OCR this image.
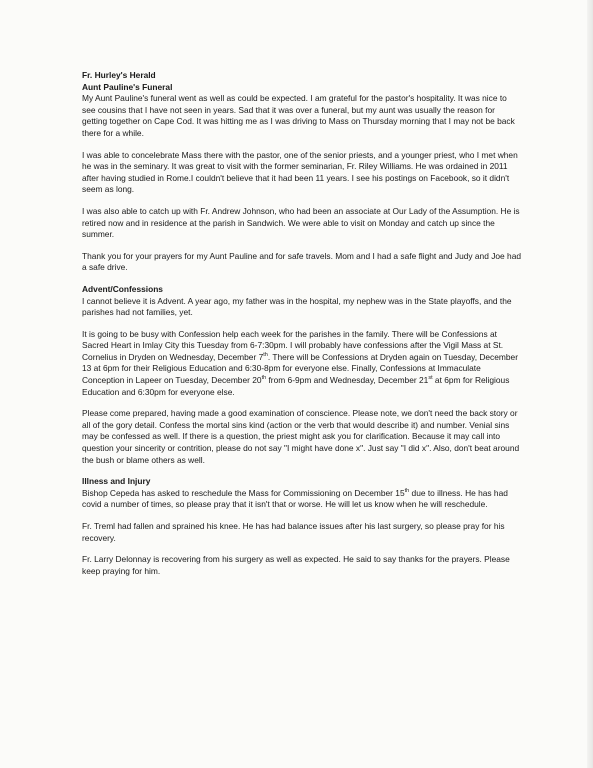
Fr. Hurley's Herald
Aunt Pauline's Funeral

My Aunt Pauline's funeral went as well as could be expected. I am grateful for the pastor's hospitality. It was nice to see cousins that I have not seen in years. Sad that it was over a funeral, but my aunt was usually the reason for getting together on Cape Cod. It was hitting me as I was driving to Mass on Thursday morning that I may not be back there for a while.

I was able to concelebrate Mass there with the pastor, one of the senior priests, and a younger priest, who I met when he was in the seminary. It was great to visit with the former seminarian, Fr. Riley Williams. He was ordained in 2011 after having studied in Rome.I couldn't believe that it had been 11 years. I see his postings on Facebook, so it didn't seem as long.

I was also able to catch up with Fr. Andrew Johnson, who had been an associate at Our Lady of the Assumption. He is retired now and in residence at the parish in Sandwich. We were able to visit on Monday and catch up since the summer.

Thank you for your prayers for my Aunt Pauline and for safe travels. Mom and I had a safe flight and Judy and Joe had a safe drive.

Advent/Confessions

I cannot believe it is Advent. A year ago, my father was in the hospital, my nephew was in the State playoffs, and the parishes had not families, yet.

It is going to be busy with Confession help each week for the parishes in the family. There will be Confessions at Sacred Heart in Imlay City this Tuesday from 6-7:30pm. I will probably have confessions after the Vigil Mass at St. Cornelius in Dryden on Wednesday, December 7th. There will be Confessions at Dryden again on Tuesday, December 13 at 6pm for their Religious Education and 6:30-8pm for everyone else. Finally, Confessions at Immaculate Conception in Lapeer on Tuesday, December 20th from 6-9pm and Wednesday, December 21st at 6pm for Religious Education and 6:30pm for everyone else.

Please come prepared, having made a good examination of conscience. Please note, we don't need the back story or all of the gory detail. Confess the mortal sins kind (action or the verb that would describe it) and number. Venial sins may be confessed as well. If there is a question, the priest might ask you for clarification. Because it may call into question your sincerity or contrition, please do not say "I might have done x". Just say "I did x". Also, don't beat around the bush or blame others as well.

Illness and Injury

Bishop Cepeda has asked to reschedule the Mass for Commissioning on December 15th due to illness. He has had covid a number of times, so please pray that it isn't that or worse. He will let us know when he will reschedule.

Fr. Treml had fallen and sprained his knee. He has had balance issues after his last surgery, so please pray for his recovery.

Fr. Larry Delonnay is recovering from his surgery as well as expected. He said to say thanks for the prayers. Please keep praying for him.
